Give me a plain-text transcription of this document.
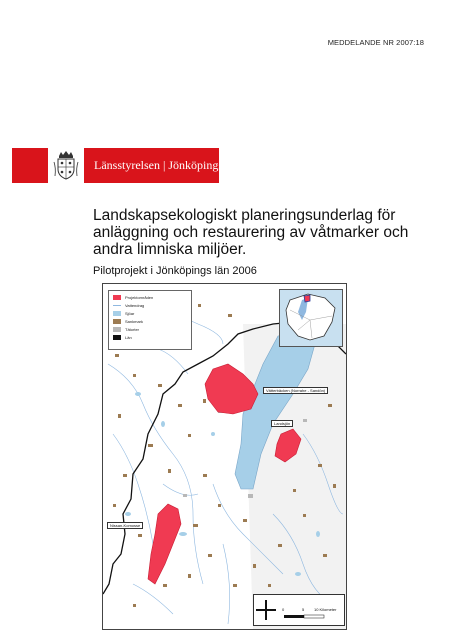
MEDDELANDE NR 2007:18
Länsstyrelsen | Jönköpings län
Landskapsekologiskt planeringsunderlag för anläggning och restaurering av våtmarker och andra limniska miljöer.
Pilotprojekt i Jönköpings län 2006
Projektområden
Vattendrag
Sjöar
Sankmark
Tätorter
Län
Vätterbäcken (Norrahe - Sandön)
Landsjön
Nissan-Komosse
0	5 10 Kilometer
